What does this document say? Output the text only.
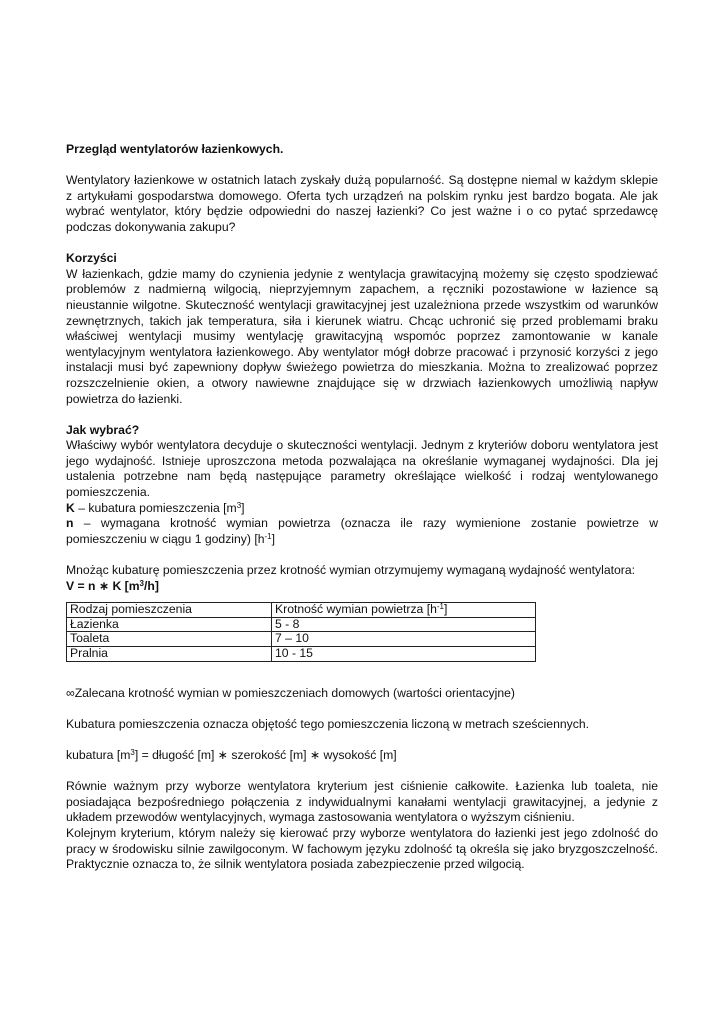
Przegląd wentylatorów łazienkowych.

Wentylatory łazienkowe w ostatnich latach zyskały dużą popularność. Są dostępne niemal w każdym sklepie z artykułami gospodarstwa domowego. Oferta tych urządzeń na polskim rynku jest bardzo bogata. Ale jak wybrać wentylator, który będzie odpowiedni do naszej łazienki? Co jest ważne i o co pytać sprzedawcę podczas dokonywania zakupu?

Korzyści

W łazienkach, gdzie mamy do czynienia jedynie z wentylacja grawitacyjną możemy się często spodziewać problemów z nadmierną wilgocią, nieprzyjemnym zapachem, a ręczniki pozostawione w łazience są nieustannie wilgotne. Skuteczność wentylacji grawitacyjnej jest uzależniona przede wszystkim od warunków zewnętrznych, takich jak temperatura, siła i kierunek wiatru. Chcąc uchronić się przed problemami braku właściwej wentylacji musimy wentylację grawitacyjną wspomóc poprzez zamontowanie w kanale wentylacyjnym wentylatora łazienkowego. Aby wentylator mógł dobrze pracować i przynosić korzyści z jego instalacji musi być zapewniony dopływ świeżego powietrza do mieszkania. Można to zrealizować poprzez rozszczelnienie okien, a otwory nawiewne znajdujące się w drzwiach łazienkowych umożliwią napływ powietrza do łazienki.

Jak wybrać?

Właściwy wybór wentylatora decyduje o skuteczności wentylacji. Jednym z kryteriów doboru wentylatora jest jego wydajność. Istnieje uproszczona metoda pozwalająca na określanie wymaganej wydajności. Dla jej ustalenia potrzebne nam będą następujące parametry określające wielkość i rodzaj wentylowanego pomieszczenia.

K – kubatura pomieszczenia $[m^3]$

n – wymagana krotność wymian powietrza (oznacza ile razy wymienione zostanie powietrze w pomieszczeniu w ciągu 1 godziny) $[h^{-1}]$

Mnożąc kubaturę pomieszczenia przez krotność wymian otrzymujemy wymaganą wydajność wentylatora:

V = n ∗ K $[m^3/h]$

Rodzaj pomieszczenia	Krotność wymian powietrza $[h^{-1}]$
Łazienka	5 - 8
Toaleta	7 – 10
Pralnia	10 - 15

∞Zalecana krotność wymian w pomieszczeniach domowych (wartości orientacyjne)

Kubatura pomieszczenia oznacza objętość tego pomieszczenia liczoną w metrach sześciennych.

kubatura $[m^3]$ = długość [m] ∗ szerokość [m] ∗ wysokość [m]

Równie ważnym przy wyborze wentylatora kryterium jest ciśnienie całkowite. Łazienka lub toaleta, nie posiadająca bezpośredniego połączenia z indywidualnymi kanałami wentylacji grawitacyjnej, a jedynie z układem przewodów wentylacyjnych, wymaga zastosowania wentylatora o wyższym ciśnieniu.

Kolejnym kryterium, którym należy się kierować przy wyborze wentylatora do łazienki jest jego zdolność do pracy w środowisku silnie zawilgoconym. W fachowym języku zdolność tą określa się jako bryzgoszczelność. Praktycznie oznacza to, że silnik wentylatora posiada zabezpieczenie przed wilgocią.
